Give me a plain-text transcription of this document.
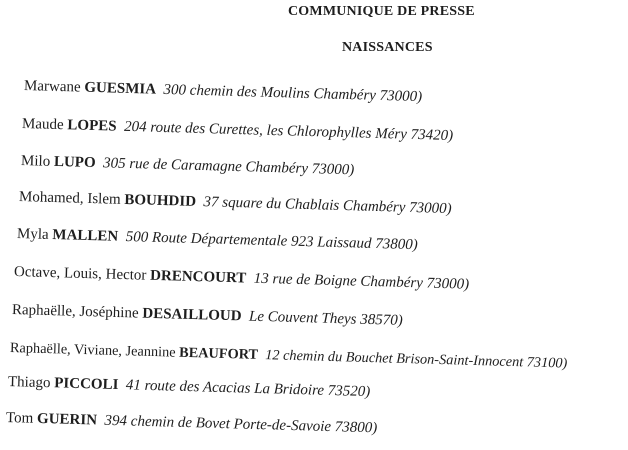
COMMUNIQUE DE PRESSE
NAISSANCES
Marwane GUESMIA 300 chemin des Moulins Chambéry 73000)
Maude LOPES 204 route des Curettes, les Chlorophylles Méry 73420)
Milo LUPO 305 rue de Caramagne Chambéry 73000)
Mohamed, Islem BOUHDID 37 square du Chablais Chambéry 73000)
Myla MALLEN 500 Route Départementale 923 Laissaud 73800)
Octave, Louis, Hector DRENCOURT 13 rue de Boigne Chambéry 73000)
Raphaëlle, Joséphine DESAILLOUD Le Couvent Theys 38570)
Raphaëlle, Viviane, Jeannine BEAUFORT 12 chemin du Bouchet Brison-Saint-Innocent 73100)
Thiago PICCOLI 41 route des Acacias La Bridoire 73520)
Tom GUERIN 394 chemin de Bovet Porte-de-Savoie 73800)
